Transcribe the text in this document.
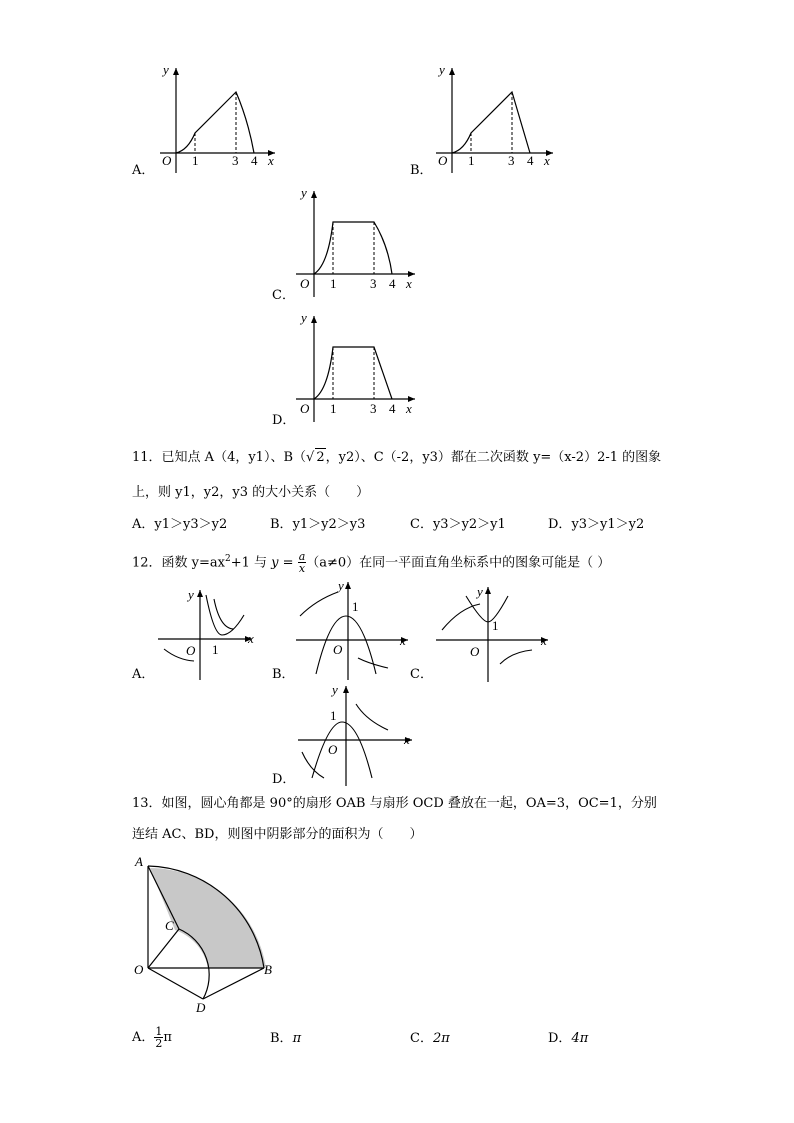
A．
O 1	3 4 x
y
B．
O 1	3 4 x
y
C．
O 1	3 4 x
y
D．
O 1	3 4 x
y
11．已知点 A（4，y1）、B（√ 2，y2）、C（-2，y3）都在二次函数 y=（x-2）2-1 的图象
上，则 y1，y2，y3 的大小关系（　　）
A．y1＞y3＞y2	B．y1＞y2＞y3	C．y3＞y2＞y1	D．y3＞y1＞y2
12．函数 $y=ax^2+1$ 与 $y = \frac{a}{x} (a\ne 0)$在同一平面直角坐标系中的图象可能是（ ）
A．
O 1
x
y
B．
O
1
x
y
C．
O
1
x
y
D．
O
1
x
y
13．如图，圆心角都是 90°的扇形 OAB 与扇形 OCD 叠放在一起，OA=3，OC=1，分别
连结 AC、BD，则图中阴影部分的面积为（　　）
A
B
C
D
O
A． $\frac{1}{2}$ π	B．π	C．2π	D．4π
